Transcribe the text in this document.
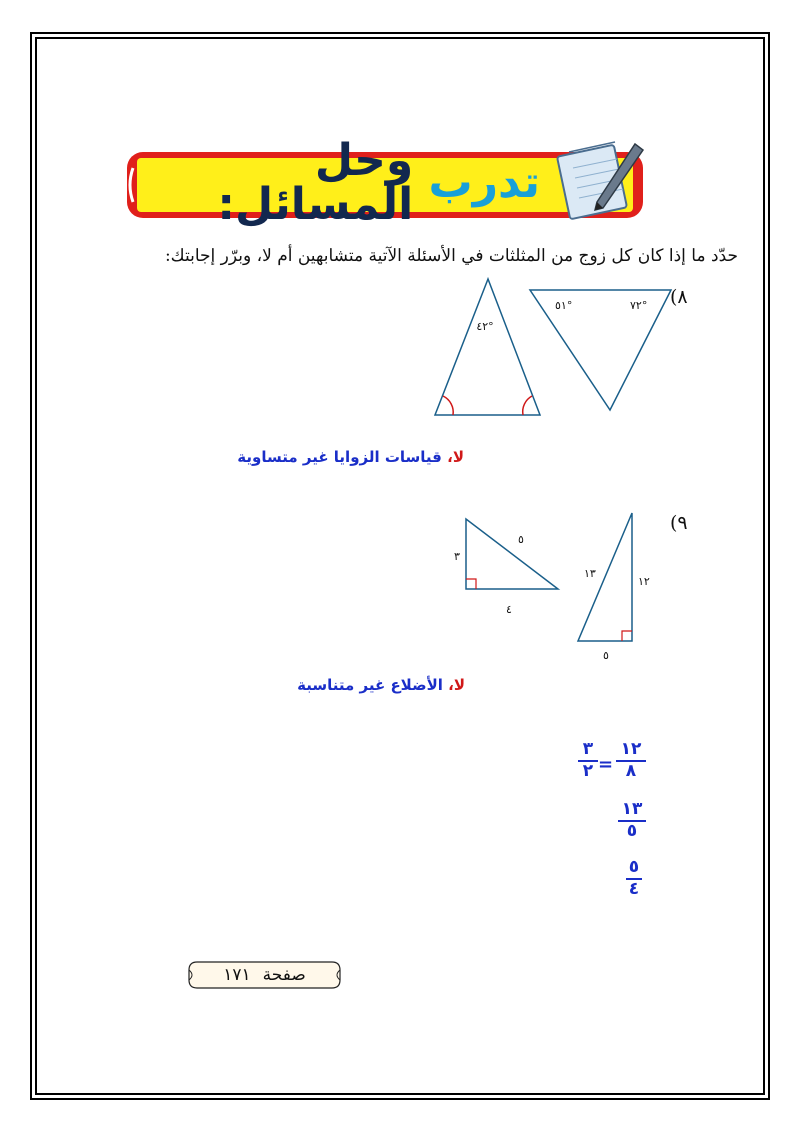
تدرب

وحل المسائل:
حدّد ما إذا كان كل زوج من المثلثات في الأسئلة الآتية متشابهين أم لا، وبرّر إجابتك:
(٨
٤٢°
٥١°	٧٢°
لا، قياسات الزوايا غير متساوية
(٩
٣
٥
٤
١٣
١٢
٥
لا، الأضلاع غير متناسبة
١٢
٨
=
٣
٢
١٣
٥
٥
٤
صفحة
١٧١
